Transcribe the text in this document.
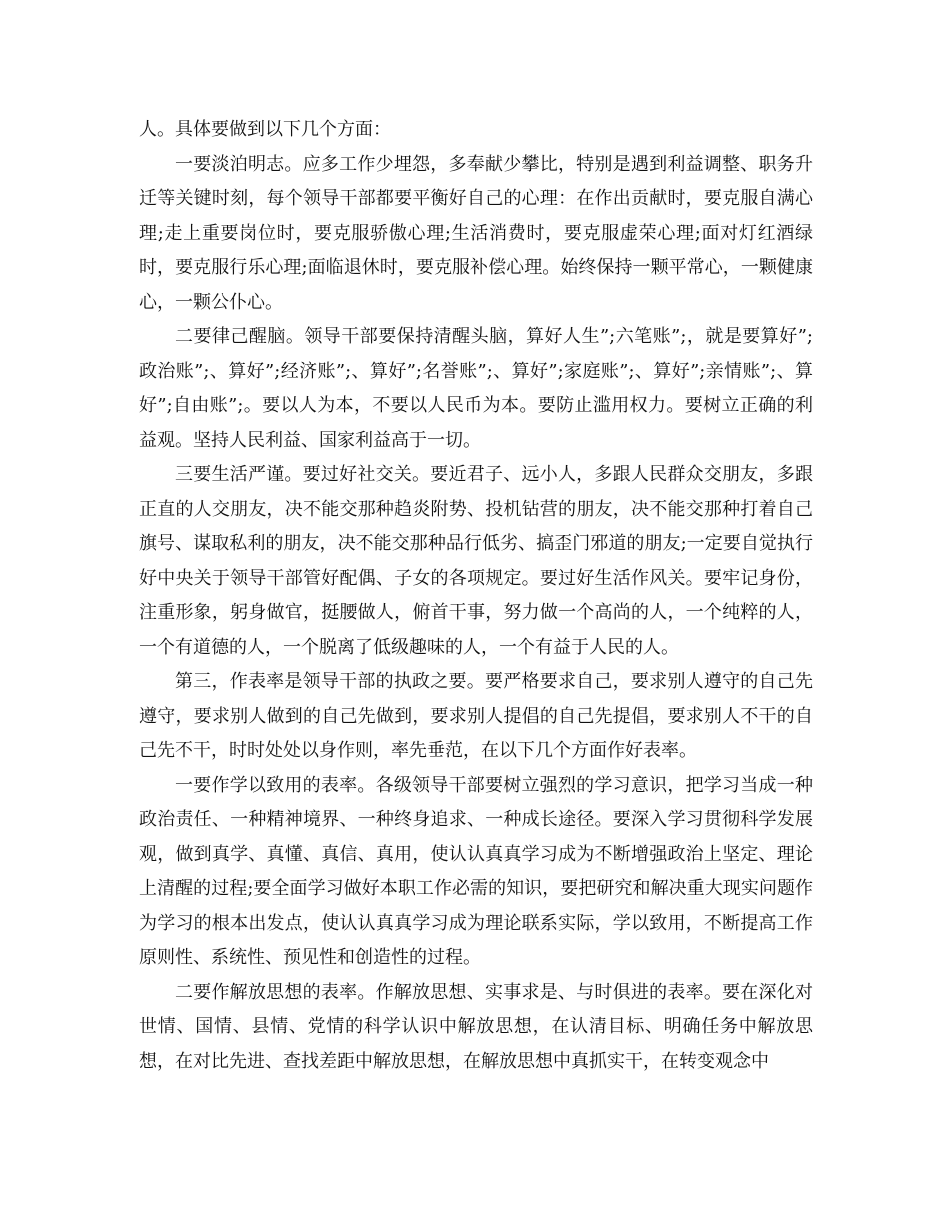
人。具体要做到以下几个方面：

一要淡泊明志。应多工作少埋怨，多奉献少攀比，特别是遇到利益调整、职务升迁等关键时刻，每个领导干部都要平衡好自己的心理：在作出贡献时，要克服自满心理;走上重要岗位时，要克服骄傲心理;生活消费时，要克服虚荣心理;面对灯红酒绿时，要克服行乐心理;面临退休时，要克服补偿心理。始终保持一颗平常心，一颗健康心，一颗公仆心。

二要律己醒脑。领导干部要保持清醒头脑，算好人生”;六笔账”;，就是要算好”;政治账”;、算好”;经济账”;、算好”;名誉账”;、算好”;家庭账”;、算好”;亲情账”;、算好”;自由账”;。要以人为本，不要以人民币为本。要防止滥用权力。要树立正确的利益观。坚持人民利益、国家利益高于一切。

三要生活严谨。要过好社交关。要近君子、远小人，多跟人民群众交朋友，多跟正直的人交朋友，决不能交那种趋炎附势、投机钻营的朋友，决不能交那种打着自己旗号、谋取私利的朋友，决不能交那种品行低劣、搞歪门邪道的朋友;一定要自觉执行好中央关于领导干部管好配偶、子女的各项规定。要过好生活作风关。要牢记身份，注重形象，躬身做官，挺腰做人，俯首干事，努力做一个高尚的人，一个纯粹的人，一个有道德的人，一个脱离了低级趣味的人，一个有益于人民的人。

第三，作表率是领导干部的执政之要。要严格要求自己，要求别人遵守的自己先遵守，要求别人做到的自己先做到，要求别人提倡的自己先提倡，要求别人不干的自己先不干，时时处处以身作则，率先垂范，在以下几个方面作好表率。

一要作学以致用的表率。各级领导干部要树立强烈的学习意识，把学习当成一种政治责任、一种精神境界、一种终身追求、一种成长途径。要深入学习贯彻科学发展观，做到真学、真懂、真信、真用，使认认真真学习成为不断增强政治上坚定、理论上清醒的过程;要全面学习做好本职工作必需的知识，要把研究和解决重大现实问题作为学习的根本出发点，使认认真真学习成为理论联系实际，学以致用，不断提高工作原则性、系统性、预见性和创造性的过程。

二要作解放思想的表率。作解放思想、实事求是、与时俱进的表率。要在深化对世情、国情、县情、党情的科学认识中解放思想，在认清目标、明确任务中解放思想，在对比先进、查找差距中解放思想，在解放思想中真抓实干，在转变观念中
